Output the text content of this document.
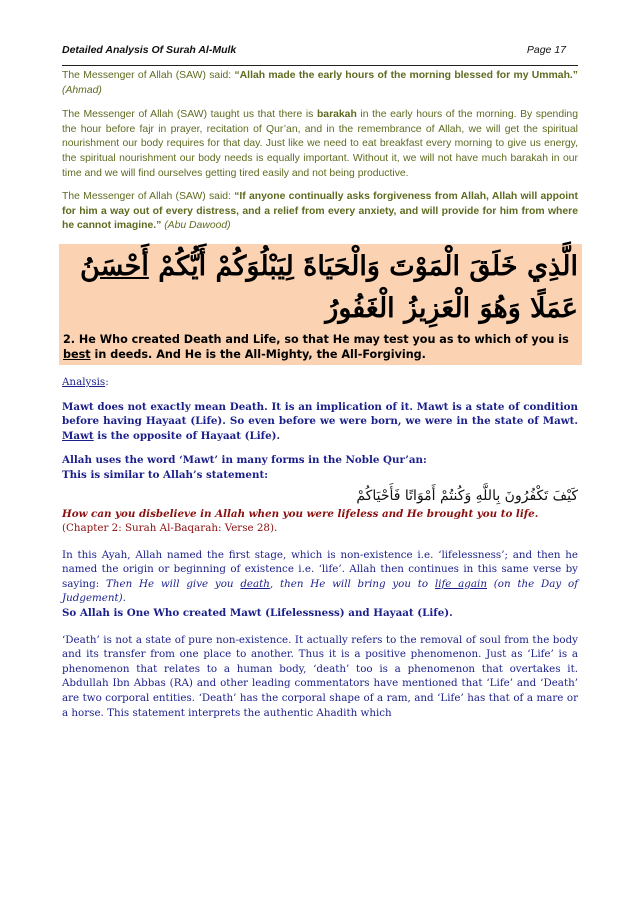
Detailed Analysis Of Surah Al-Mulk	Page 17

The Messenger of Allah (SAW) said: “Allah made the early hours of the morning blessed for my Ummah.” (Ahmad)

The Messenger of Allah (SAW) taught us that there is barakah in the early hours of the morning. By spending the hour before fajr in prayer, recitation of Qur’an, and in the remembrance of Allah, we will get the spiritual nourishment our body requires for that day. Just like we need to eat breakfast every morning to give us energy, the spiritual nourishment our body needs is equally important. Without it, we will not have much barakah in our time and we will find ourselves getting tired easily and not being productive.

The Messenger of Allah (SAW) said: “If anyone continually asks forgiveness from Allah, Allah will appoint for him a way out of every distress, and a relief from every anxiety, and will provide for him from where he cannot imagine.” (Abu Dawood)

الَّذِي خَلَقَ الْمَوْتَ وَالْحَيَاةَ لِيَبْلُوَكُمْ أَيُّكُمْ أَحْسَنُ عَمَلًا وَهُوَ الْعَزِيزُ الْغَفُورُ
2. He Who created Death and Life, so that He may test you as to which of you is best in deeds. And He is the All-Mighty, the All-Forgiving.

Analysis:

Mawt does not exactly mean Death. It is an implication of it. Mawt is a state of condition before having Hayaat (Life). So even before we were born, we were in the state of Mawt. Mawt is the opposite of Hayaat (Life).

Allah uses the word ‘Mawt’ in many forms in the Noble Qur’an:

This is similar to Allah’s statement:

كَيْفَ تَكْفُرُونَ بِاللَّهِ وَكُنتُمْ أَمْوَاتًا فَأَحْيَاكُمْ

How can you disbelieve in Allah when you were lifeless and He brought you to life.

(Chapter 2: Surah Al-Baqarah: Verse 28).

In this Ayah, Allah named the first stage, which is non-existence i.e. ‘lifelessness’; and then he named the origin or beginning of existence i.e. ‘life’. Allah then continues in this same verse by saying: Then He will give you death, then He will bring you to life again (on the Day of Judgement).

So Allah is One Who created Mawt (Lifelessness) and Hayaat (Life).

‘Death’ is not a state of pure non-existence. It actually refers to the removal of soul from the body and its transfer from one place to another. Thus it is a positive phenomenon. Just as ‘Life’ is a phenomenon that relates to a human body, ‘death’ too is a phenomenon that overtakes it. Abdullah Ibn Abbas (RA) and other leading commentators have mentioned that ‘Life’ and ‘Death’ are two corporal entities. ‘Death’ has the corporal shape of a ram, and ‘Life’ has that of a mare or a horse. This statement interprets the authentic Ahadith which
